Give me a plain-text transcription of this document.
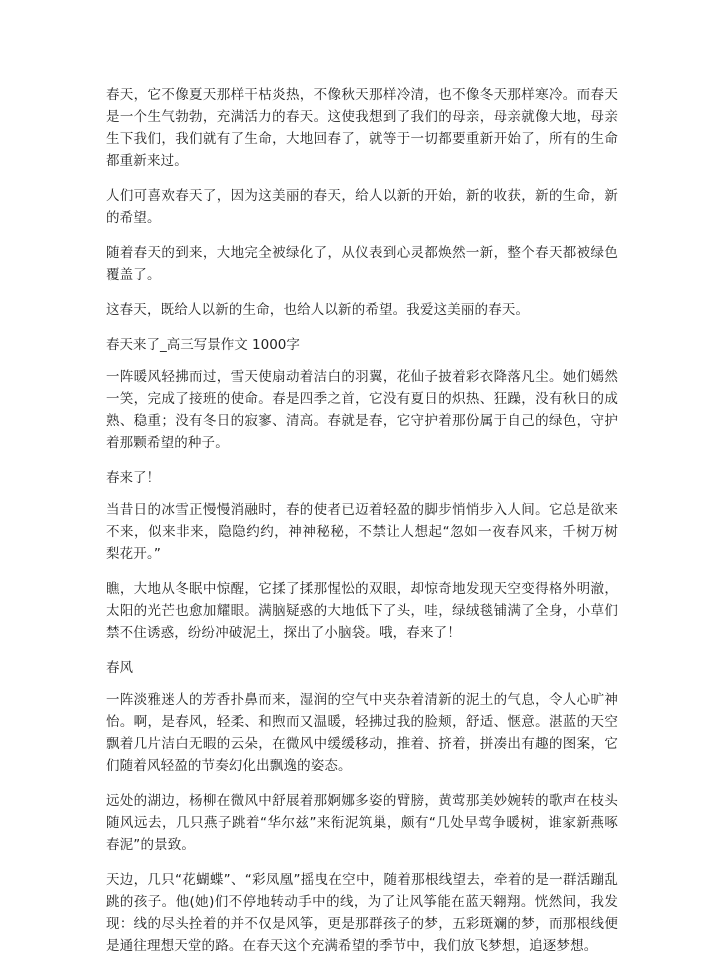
春天，它不像夏天那样干枯炎热，不像秋天那样冷清，也不像冬天那样寒冷。而春天是一个生气勃勃，充满活力的春天。这使我想到了我们的母亲，母亲就像大地，母亲生下我们，我们就有了生命，大地回春了，就等于一切都要重新开始了，所有的生命都重新来过。

人们可喜欢春天了，因为这美丽的春天，给人以新的开始，新的收获，新的生命，新的希望。

随着春天的到来，大地完全被绿化了，从仪表到心灵都焕然一新，整个春天都被绿色覆盖了。

这春天，既给人以新的生命，也给人以新的希望。我爱这美丽的春天。

春天来了_高三写景作文 1000字

一阵暖风轻拂而过，雪天使扇动着洁白的羽翼，花仙子披着彩衣降落凡尘。她们嫣然一笑，完成了接班的使命。春是四季之首，它没有夏日的炽热、狂躁，没有秋日的成熟、稳重；没有冬日的寂寥、清高。春就是春，它守护着那份属于自己的绿色，守护着那颗希望的种子。

春来了！

当昔日的冰雪正慢慢消融时，春的使者已迈着轻盈的脚步悄悄步入人间。它总是欲来不来，似来非来，隐隐约约，神神秘秘，不禁让人想起“忽如一夜春风来，千树万树梨花开。”

瞧，大地从冬眠中惊醒，它揉了揉那惺忪的双眼，却惊奇地发现天空变得格外明澈，太阳的光芒也愈加耀眼。满脑疑惑的大地低下了头，哇，绿绒毯铺满了全身，小草们禁不住诱惑，纷纷冲破泥土，探出了小脑袋。哦，春来了！

春风

一阵淡雅迷人的芳香扑鼻而来，湿润的空气中夹杂着清新的泥土的气息，令人心旷神怡。啊，是春风，轻柔、和煦而又温暖，轻拂过我的脸颊，舒适、惬意。湛蓝的天空飘着几片洁白无暇的云朵，在微风中缓缓移动，推着、挤着，拼凑出有趣的图案，它们随着风轻盈的节奏幻化出飘逸的姿态。

远处的湖边，杨柳在微风中舒展着那婀娜多姿的臂膀，黄莺那美妙婉转的歌声在枝头随风远去，几只燕子跳着“华尔兹”来衔泥筑巢，颇有“几处早莺争暖树，谁家新燕啄春泥”的景致。

天边，几只“花蝴蝶”、“彩凤凰”摇曳在空中，随着那根线望去，牵着的是一群活蹦乱跳的孩子。他(她)们不停地转动手中的线，为了让风筝能在蓝天翱翔。恍然间，我发现：线的尽头拴着的并不仅是风筝，更是那群孩子的梦，五彩斑斓的梦，而那根线便是通往理想天堂的路。在春天这个充满希望的季节中，我们放飞梦想，追逐梦想。
